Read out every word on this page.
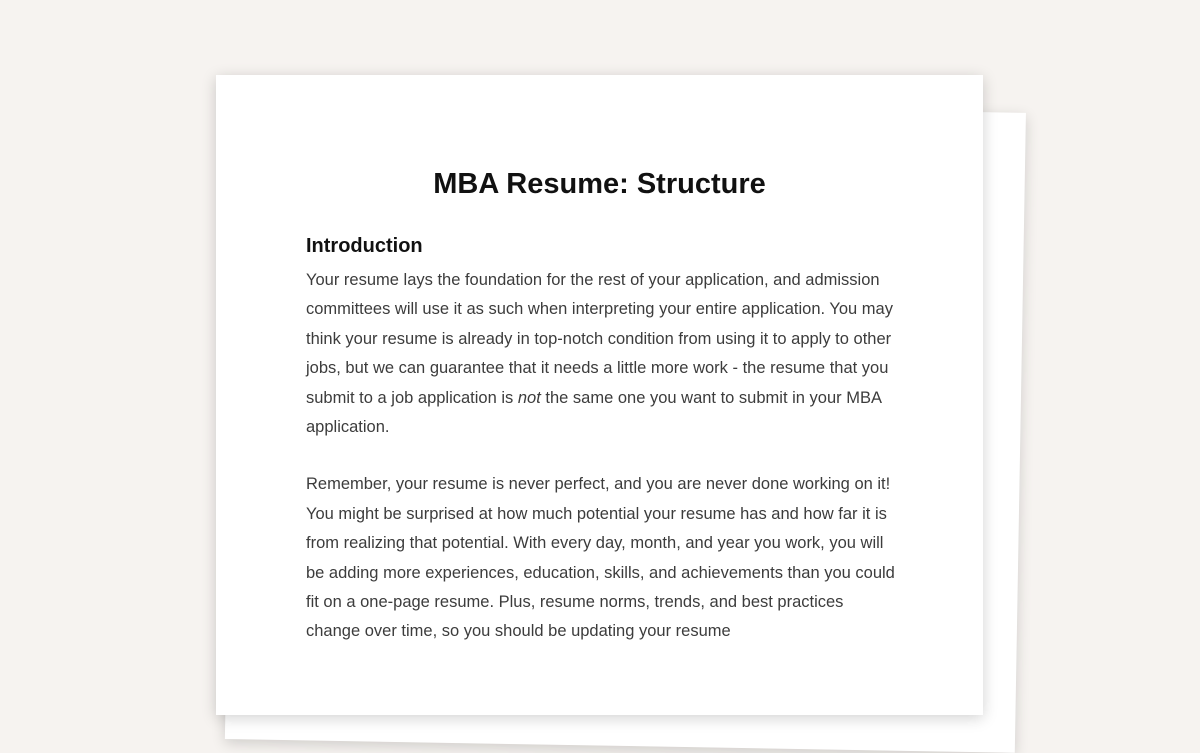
MBA Resume: Structure
Introduction

Your resume lays the foundation for the rest of your application, and admission committees will use it as such when interpreting your entire application. You may think your resume is already in top-notch condition from using it to apply to other jobs, but we can guarantee that it needs a little more work - the resume that you submit to a job application is not the same one you want to submit in your MBA application.

Remember, your resume is never perfect, and you are never done working on it! You might be surprised at how much potential your resume has and how far it is from realizing that potential. With every day, month, and year you work, you will be adding more experiences, education, skills, and achievements than you could fit on a one-page resume. Plus, resume norms, trends, and best practices change over time, so you should be updating your resume
